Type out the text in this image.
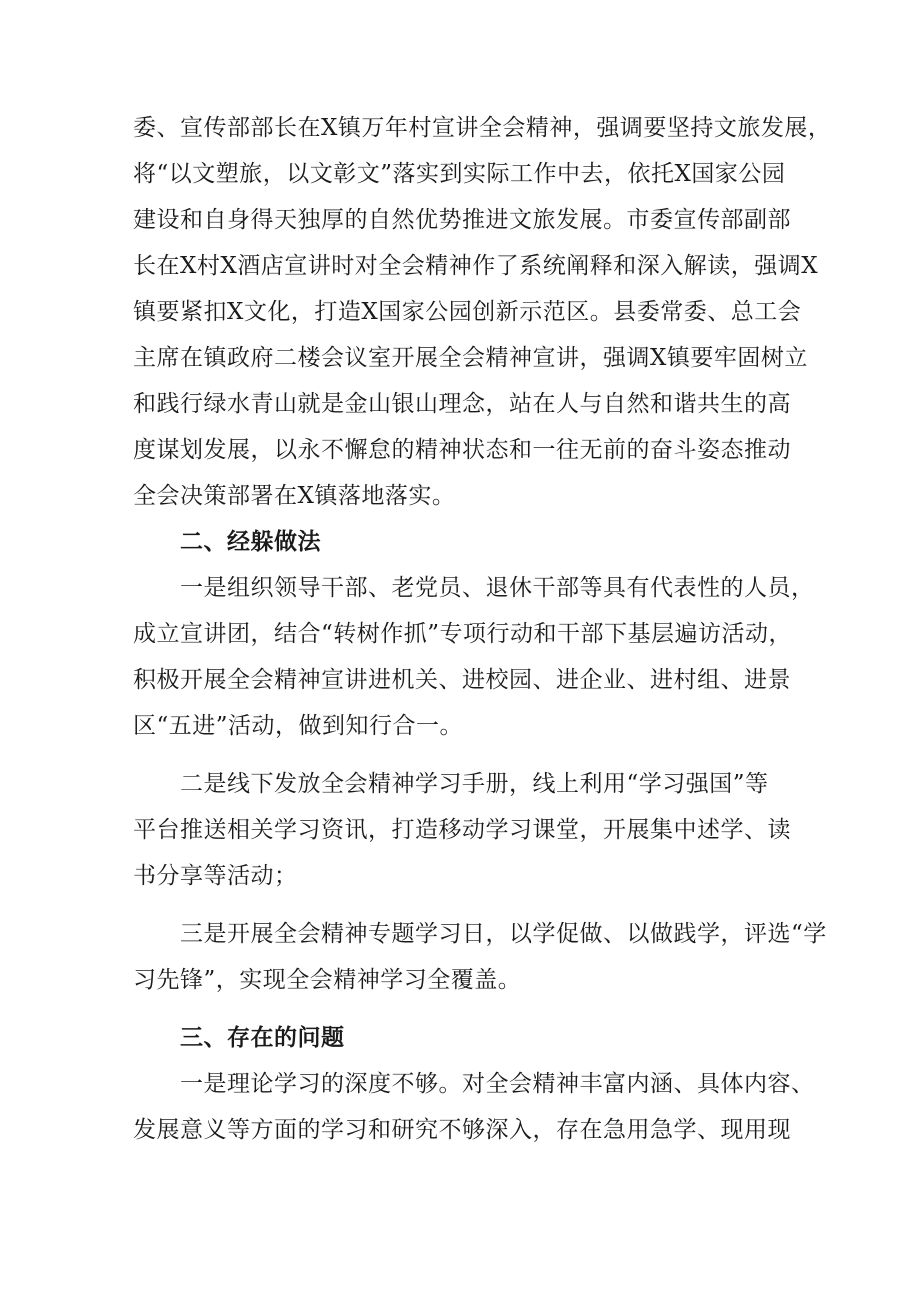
委、宣传部部长在X镇万年村宣讲全会精神，强调要坚持文旅发展，
将“以文塑旅，以文彰文”落实到实际工作中去，依托X国家公园
建设和自身得天独厚的自然优势推进文旅发展。市委宣传部副部
长在X村X酒店宣讲时对全会精神作了系统阐释和深入解读，强调X
镇要紧扣X文化，打造X国家公园创新示范区。县委常委、总工会
主席在镇政府二楼会议室开展全会精神宣讲，强调X镇要牢固树立
和践行绿水青山就是金山银山理念，站在人与自然和谐共生的高
度谋划发展，以永不懈怠的精神状态和一往无前的奋斗姿态推动
全会决策部署在X镇落地落实。
二、经躲做法
一是组织领导干部、老党员、退休干部等具有代表性的人员，
成立宣讲团，结合“转树作抓”专项行动和干部下基层遍访活动，
积极开展全会精神宣讲进机关、进校园、进企业、进村组、进景
区“五进”活动，做到知行合一。
二是线下发放全会精神学习手册，线上利用“学习强国”等
平台推送相关学习资讯，打造移动学习课堂，开展集中述学、读
书分享等活动；
三是开展全会精神专题学习日，以学促做、以做践学，评选“学
习先锋”，实现全会精神学习全覆盖。
三、存在的问题
一是理论学习的深度不够。对全会精神丰富内涵、具体内容、
发展意义等方面的学习和研究不够深入，存在急用急学、现用现
